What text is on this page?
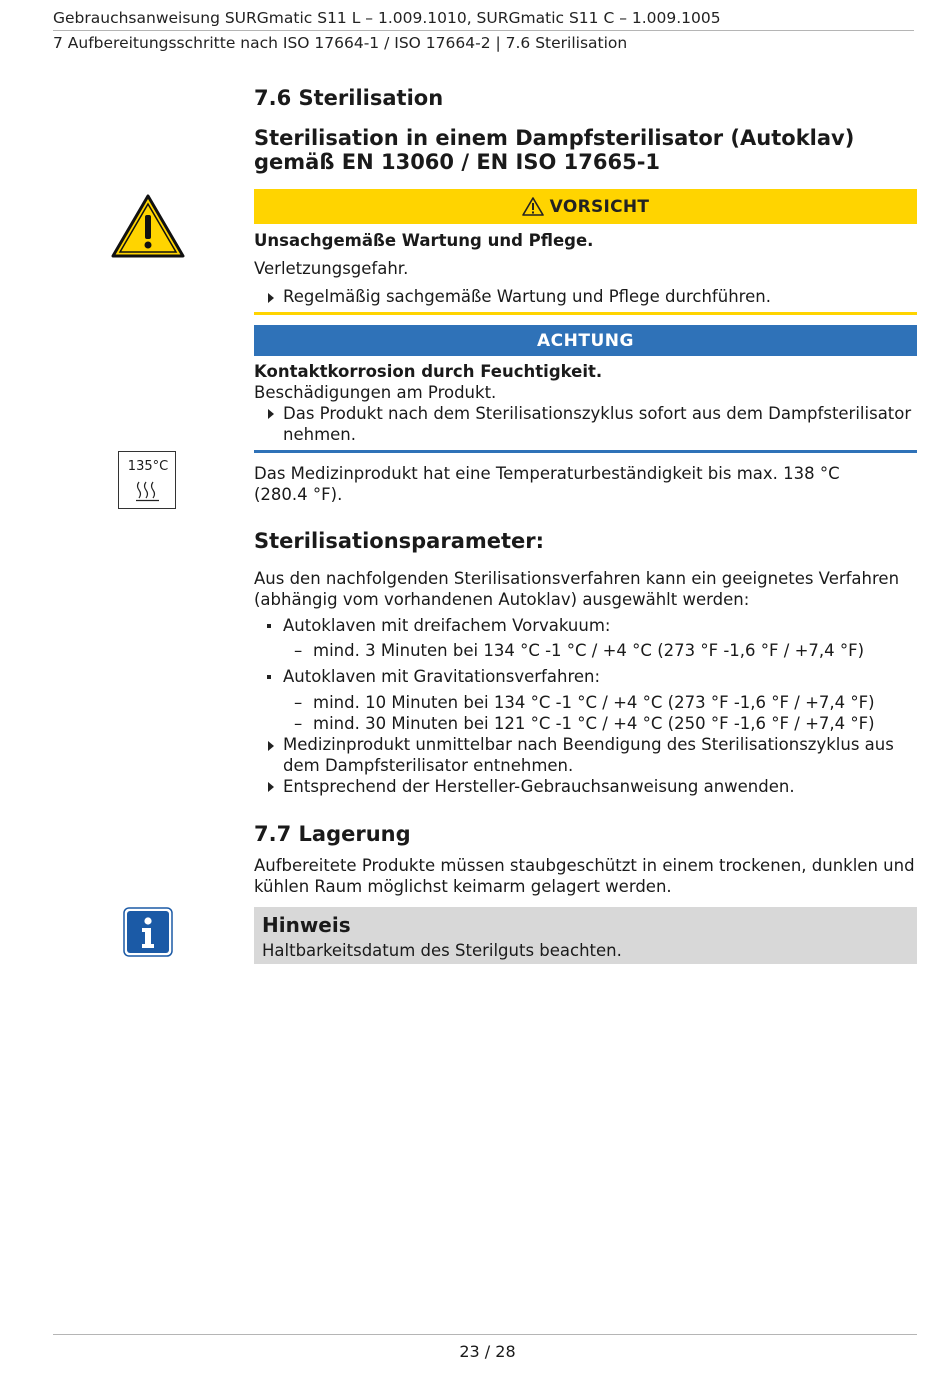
Gebrauchsanweisung SURGmatic S11 L – 1.009.1010, SURGmatic S11 C – 1.009.1005
7 Aufbereitungsschritte nach ISO 17664-1 / ISO 17664-2 | 7.6 Sterilisation
7.6 Sterilisation
Sterilisation in einem Dampfsterilisator (Autoklav)
gemäß EN 13060 / EN ISO 17665-1
VORSICHT
Unsachgemäße Wartung und Pflege.
Verletzungsgefahr.
Regelmäßig sachgemäße Wartung und Pflege durchführen.
ACHTUNG
Kontaktkorrosion durch Feuchtigkeit.
Beschädigungen am Produkt.
Das Produkt nach dem Sterilisationszyklus sofort aus dem Dampfsterilisator
nehmen.
135°C	Das Medizinprodukt hat eine Temperaturbeständigkeit bis max. 138 °C
(280.4 °F).
Sterilisationsparameter:
Aus den nachfolgenden Sterilisationsverfahren kann ein geeignetes Verfahren
(abhängig vom vorhandenen Autoklav) ausgewählt werden:
Autoklaven mit dreifachem Vorvakuum:
– mind. 3 Minuten bei 134 °C -1 °C / +4 °C (273 °F -1,6 °F / +7,4 °F)
Autoklaven mit Gravitationsverfahren:
– mind. 10 Minuten bei 134 °C -1 °C / +4 °C (273 °F -1,6 °F / +7,4 °F)
– mind. 30 Minuten bei 121 °C -1 °C / +4 °C (250 °F -1,6 °F / +7,4 °F)
Medizinprodukt unmittelbar nach Beendigung des Sterilisationszyklus aus
dem Dampfsterilisator entnehmen.
Entsprechend der Hersteller-Gebrauchsanweisung anwenden.
7.7 Lagerung
Aufbereitete Produkte müssen staubgeschützt in einem trockenen, dunklen und
kühlen Raum möglichst keimarm gelagert werden.
Hinweis
Haltbarkeitsdatum des Sterilguts beachten.
23 / 28
